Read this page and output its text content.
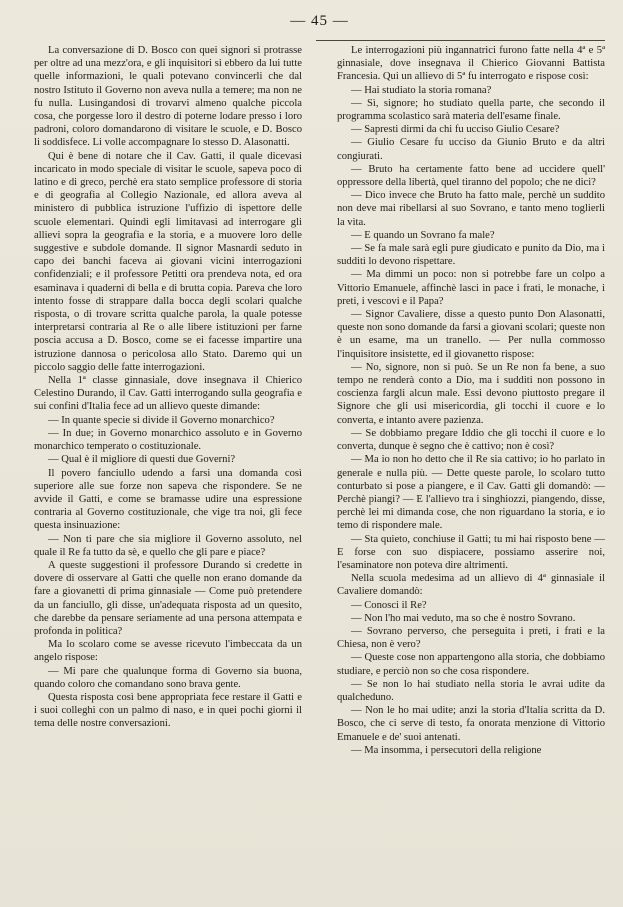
— 45 —

La conversazione di D. Bosco con quei signori si protrasse per oltre ad una mezz'ora, e gli inquisitori si ebbero da lui tutte quelle informazioni, le quali potevano convincerli che dal nostro Istituto il Governo non aveva nulla a temere; ma non ne fu nulla. Lusingandosi di trovarvi almeno qualche piccola cosa, che porgesse loro il destro di poterne lodare presso i loro padroni, coloro domandarono di visitare le scuole, e D. Bosco li soddisfece. Li volle accompagnare lo stesso D. Alasonatti.

Qui è bene di notare che il Cav. Gatti, il quale dicevasi incaricato in modo speciale di visitar le scuole, sapeva poco di latino e di greco, perchè era stato semplice professore di storia e di geografia al Collegio Nazionale, ed allora aveva al ministero di pubblica istruzione l'uffizio di ispettore delle scuole elementari. Quindi egli limitavasi ad interrogare gli allievi sopra la geografia e la storia, e a muovere loro delle suggestive e subdole domande. Il signor Masnardi seduto in capo dei banchi faceva ai giovani vicini interrogazioni confidenziali; e il professore Petitti ora prendeva nota, ed ora esaminava i quaderni di bella e di brutta copia. Pareva che loro intento fosse di strappare dalla bocca degli scolari qualche risposta, o di trovare scritta qualche parola, la quale potesse interpretarsi contraria al Re o alle libere istituzioni per farne poscia accusa a D. Bosco, come se ei facesse impartire una istruzione dannosa o pericolosa allo Stato. Daremo qui un piccolo saggio delle fatte interrogazioni.

Nella 1ª classe ginnasiale, dove insegnava il Chierico Celestino Durando, il Cav. Gatti interrogando sulla geografia e sui confini d'Italia fece ad un allievo queste dimande:

— In quante specie si divide il Governo monarchico?

— In due; in Governo monarchico assoluto e in Governo monarchico temperato o costituzionale.

— Qual è il migliore di questi due Governi?

Il povero fanciullo udendo a farsi una domanda così superiore alle sue forze non sapeva che rispondere. Se ne avvide il Gatti, e come se bramasse udire una espressione contraria al Governo costituzionale, che vige tra noi, gli fece questa insinuazione:

— Non ti pare che sia migliore il Governo assoluto, nel quale il Re fa tutto da sè, e quello che gli pare e piace?

A queste suggestioni il professore Durando si credette in dovere di osservare al Gatti che quelle non erano domande da fare a giovanetti di prima ginnasiale — Come può pretendere da un fanciullo, gli disse, un'adequata risposta ad un quesito, che darebbe da pensare seriamente ad una persona attempata e profonda in politica?

Ma lo scolaro come se avesse ricevuto l'imbeccata da un angelo rispose:

— Mi pare che qualunque forma di Governo sia buona, quando coloro che comandano sono brava gente.

Questa risposta così bene appropriata fece restare il Gatti e i suoi colleghi con un palmo di naso, e in quei pochi giorni il tema delle nostre conversazioni.

Le interrogazioni più ingannatrici furono fatte nella 4ª e 5ª ginnasiale, dove insegnava il Chierico Giovanni Battista Francesia. Qui un allievo di 5ª fu interrogato e rispose così:

— Hai studiato la storia romana?

— Sì, signore; ho studiato quella parte, che secondo il programma scolastico sarà materia dell'esame finale.

— Sapresti dirmi da chi fu ucciso Giulio Cesare?

— Giulio Cesare fu ucciso da Giunio Bruto e da altri congiurati.

— Bruto ha certamente fatto bene ad uccidere quell' oppressore della libertà, quel tiranno del popolo; che ne dici?

— Dico invece che Bruto ha fatto male, perchè un suddito non deve mai ribellarsi al suo Sovrano, e tanto meno toglierli la vita.

— E quando un Sovrano fa male?

— Se fa male sarà egli pure giudicato e punito da Dio, ma i sudditi lo devono rispettare.

— Ma dimmi un poco: non si potrebbe fare un colpo a Vittorio Emanuele, affinchè lasci in pace i frati, le monache, i preti, i vescovi e il Papa?

— Signor Cavaliere, disse a questo punto Don Alasonatti, queste non sono domande da farsi a giovani scolari; queste non è un esame, ma un tranello. — Per nulla commosso l'inquisitore insistette, ed il giovanetto rispose:

— No, signore, non si può. Se un Re non fa bene, a suo tempo ne renderà conto a Dio, ma i sudditi non possono in coscienza fargli alcun male. Essi devono piuttosto pregare il Signore che gli usi misericordia, gli tocchi il cuore e lo converta, e intanto avere pazienza.

— Se dobbiamo pregare Iddio che gli tocchi il cuore e lo converta, dunque è segno che è cattivo; non è così?

— Ma io non ho detto che il Re sia cattivo; io ho parlato in generale e nulla più. — Dette queste parole, lo scolaro tutto conturbato si pose a piangere, e il Cav. Gatti gli domandò: — Perchè piangi? — E l'allievo tra i singhiozzi, piangendo, disse, perchè lei mi dimanda cose, che non riguardano la storia, e io temo di rispondere male.

— Sta quieto, conchiuse il Gatti; tu mi hai risposto bene — E forse con suo dispiacere, possiamo asserire noi, l'esaminatore non poteva dire altrimenti.

Nella scuola medesima ad un allievo di 4ª ginnasiale il Cavaliere domandò:

— Conosci il Re?

— Non l'ho mai veduto, ma so che è nostro Sovrano.

— Sovrano perverso, che perseguita i preti, i frati e la Chiesa, non è vero?

— Queste cose non appartengono alla storia, che dobbiamo studiare, e perciò non so che cosa rispondere.

— Se non lo hai studiato nella storia le avrai udite da qualcheduno.

— Non le ho mai udite; anzi la storia d'Italia scritta da D. Bosco, che ci serve di testo, fa onorata menzione di Vittorio Emanuele e de' suoi antenati.

— Ma insomma, i persecutori della religione
